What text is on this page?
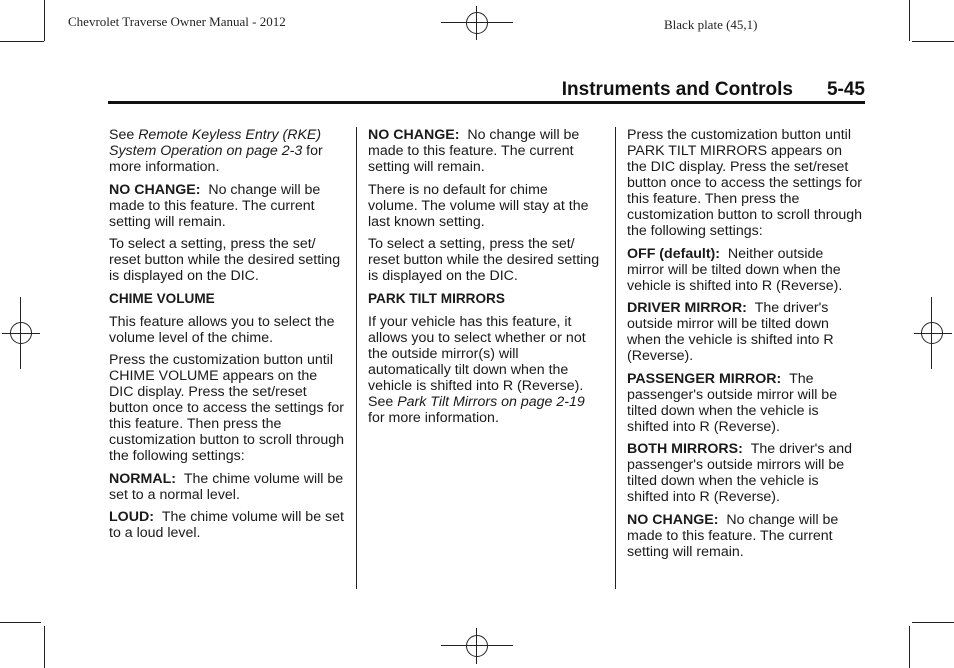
Chevrolet Traverse Owner Manual - 2012	Black plate (45,1)
Instruments and Controls 5-45

See Remote Keyless Entry (RKE) System Operation on page 2-3 for more information.

NO CHANGE: No change will be made to this feature. The current setting will remain.

To select a setting, press the set/ reset button while the desired setting is displayed on the DIC.

CHIME VOLUME

This feature allows you to select the volume level of the chime.

Press the customization button until CHIME VOLUME appears on the DIC display. Press the set/reset button once to access the settings for this feature. Then press the customization button to scroll through the following settings:

NORMAL: The chime volume will be set to a normal level.

LOUD: The chime volume will be set to a loud level.

NO CHANGE: No change will be made to this feature. The current setting will remain.

There is no default for chime volume. The volume will stay at the last known setting.

To select a setting, press the set/ reset button while the desired setting is displayed on the DIC.

PARK TILT MIRRORS

If your vehicle has this feature, it allows you to select whether or not the outside mirror(s) will automatically tilt down when the vehicle is shifted into R (Reverse). See Park Tilt Mirrors on page 2-19 for more information.

Press the customization button until PARK TILT MIRRORS appears on the DIC display. Press the set/reset button once to access the settings for this feature. Then press the customization button to scroll through the following settings:

OFF (default): Neither outside mirror will be tilted down when the vehicle is shifted into R (Reverse).

DRIVER MIRROR: The driver's outside mirror will be tilted down when the vehicle is shifted into R (Reverse).

PASSENGER MIRROR: The passenger's outside mirror will be tilted down when the vehicle is shifted into R (Reverse).

BOTH MIRRORS: The driver's and passenger's outside mirrors will be tilted down when the vehicle is shifted into R (Reverse).

NO CHANGE: No change will be made to this feature. The current setting will remain.
